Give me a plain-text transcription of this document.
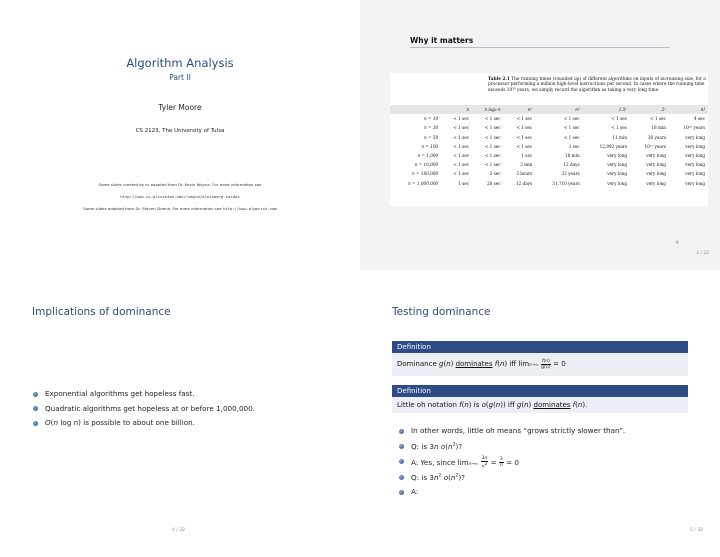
Algorithm Analysis
Part II
Tyler Moore
CS 2123, The University of Tulsa
Some slides created by or adapted from Dr. Kevin Wayne. For more information see
http://www.cs.princeton.edu/~wayne/kleinberg-tardos
Some slides adapted from Dr. Steven Skiena. For more information see http://www.algorist.com
Why it matters
Table 2.1 The running times (rounded up) of different algorithms on inputs of increasing size, for a processor performing a million high-level instructions per second. In cases where the running time exceeds 10²⁵ years, we simply record the algorithm as taking a very long time.
	n	n log₂ n	n²	n³	1.5ⁿ	2ⁿ	n!
n = 10	< 1 sec	< 1 sec	< 1 sec	< 1 sec	< 1 sec	< 1 sec	4 sec
n = 30	< 1 sec	< 1 sec	< 1 sec	< 1 sec	< 1 sec	18 min	10²⁵ years
n = 50	< 1 sec	< 1 sec	< 1 sec	< 1 sec	11 min	36 years	very long
n = 100	< 1 sec	< 1 sec	< 1 sec	1 sec	12,892 years	10¹⁷ years	very long
n = 1,000	< 1 sec	< 1 sec	1 sec	18 min	very long	very long	very long
n = 10,000	< 1 sec	< 1 sec	2 min	12 days	very long	very long	very long
n = 100,000	< 1 sec	2 sec	3 hours	32 years	very long	very long	very long
n = 1,000,000	1 sec	20 sec	12 days	31,710 years	very long	very long	very long
9
3 / 32
Implications of dominance
Exponential algorithms get hopeless fast.
Quadratic algorithms get hopeless at or before 1,000,000.
O(n log n) is possible to about one billion.
4 / 32
Testing dominance
Definition
Dominance g(n) dominates f(n) iff $\lim n\to\infty \frac{f(n)}{g(n)} = 0$
Definition
Little oh notation f(n) is o(g(n)) iff g(n) dominates f(n).
In other words, little oh means “grows strictly slower than”.
Q: is 3n $o(n^2)$?
A: Yes, since $\lim n\to\infty \frac{3n}{n^2} = \frac{3}{n} = 0$
Q: is $3n^2$ $o(n^2)$?
A:
5 / 32
